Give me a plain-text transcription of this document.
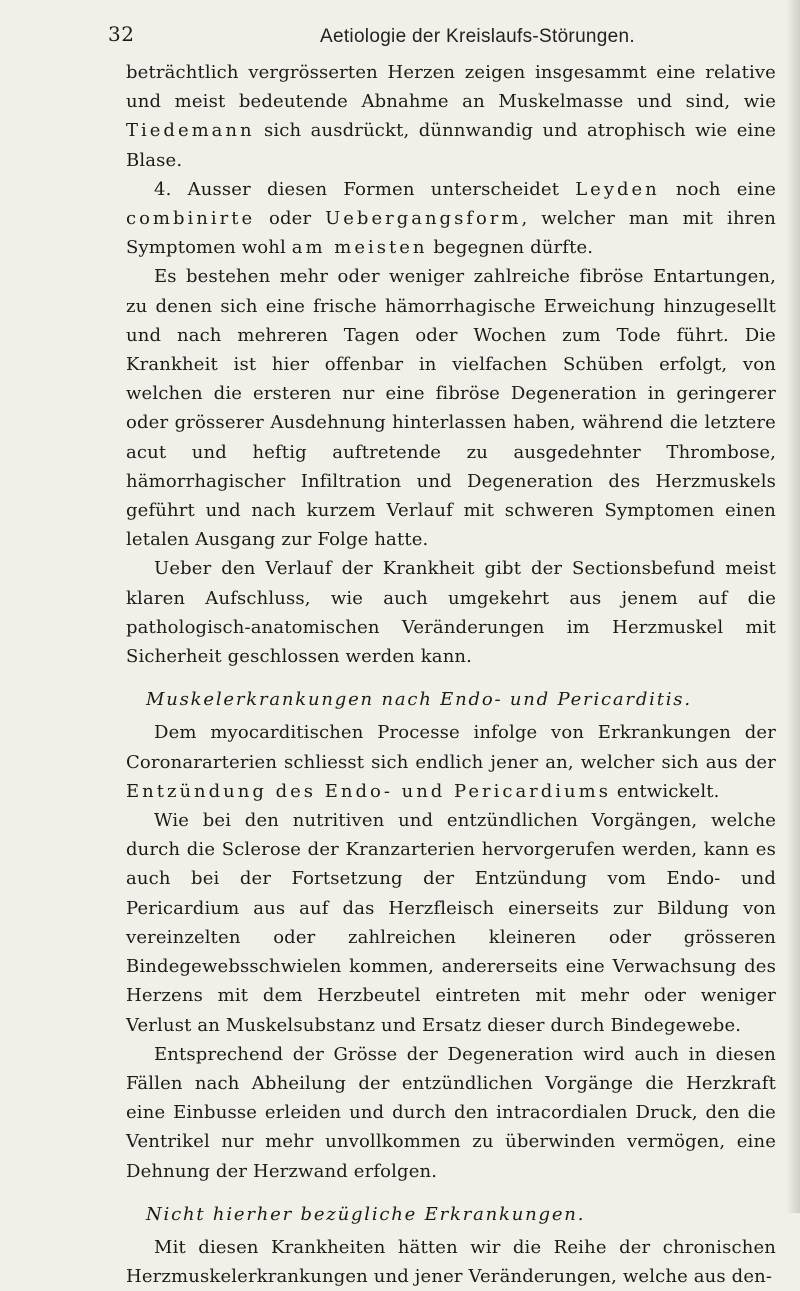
32	Aetiologie der Kreislaufs-Störungen.

beträchtlich vergrösserten Herzen zeigen insgesammt eine relative und meist bedeutende Abnahme an Muskelmasse und sind, wie Tiedemann sich ausdrückt, dünnwandig und atrophisch wie eine Blase.

4. Ausser diesen Formen unterscheidet Leyden noch eine combinirte oder Uebergangsform, welcher man mit ihren Symptomen wohl am meisten begegnen dürfte.

Es bestehen mehr oder weniger zahlreiche fibröse Entartungen, zu denen sich eine frische hämorrhagische Erweichung hinzugesellt und nach mehreren Tagen oder Wochen zum Tode führt. Die Krankheit ist hier offenbar in vielfachen Schüben erfolgt, von welchen die ersteren nur eine fibröse Degeneration in geringerer oder grösserer Ausdehnung hinterlassen haben, während die letztere acut und heftig auftretende zu ausgedehnter Thrombose, hämorrhagischer Infiltration und Degeneration des Herzmuskels geführt und nach kurzem Verlauf mit schweren Symptomen einen letalen Ausgang zur Folge hatte.

Ueber den Verlauf der Krankheit gibt der Sectionsbefund meist klaren Aufschluss, wie auch umgekehrt aus jenem auf die pathologisch-anatomischen Veränderungen im Herzmuskel mit Sicherheit geschlossen werden kann.

Muskelerkrankungen nach Endo- und Pericarditis.

Dem myocarditischen Processe infolge von Erkrankungen der Coronararterien schliesst sich endlich jener an, welcher sich aus der Entzündung des Endo- und Pericardiums entwickelt.

Wie bei den nutritiven und entzündlichen Vorgängen, welche durch die Sclerose der Kranzarterien hervorgerufen werden, kann es auch bei der Fortsetzung der Entzündung vom Endo- und Pericardium aus auf das Herzfleisch einerseits zur Bildung von vereinzelten oder zahlreichen kleineren oder grösseren Bindegewebsschwielen kommen, andererseits eine Verwachsung des Herzens mit dem Herzbeutel eintreten mit mehr oder weniger Verlust an Muskelsubstanz und Ersatz dieser durch Bindegewebe.

Entsprechend der Grösse der Degeneration wird auch in diesen Fällen nach Abheilung der entzündlichen Vorgänge die Herzkraft eine Einbusse erleiden und durch den intracordialen Druck, den die Ventrikel nur mehr unvollkommen zu überwinden vermögen, eine Dehnung der Herzwand erfolgen.

Nicht hierher bezügliche Erkrankungen.

Mit diesen Krankheiten hätten wir die Reihe der chronischen Herzmuskelerkrankungen und jener Veränderungen, welche aus den-
